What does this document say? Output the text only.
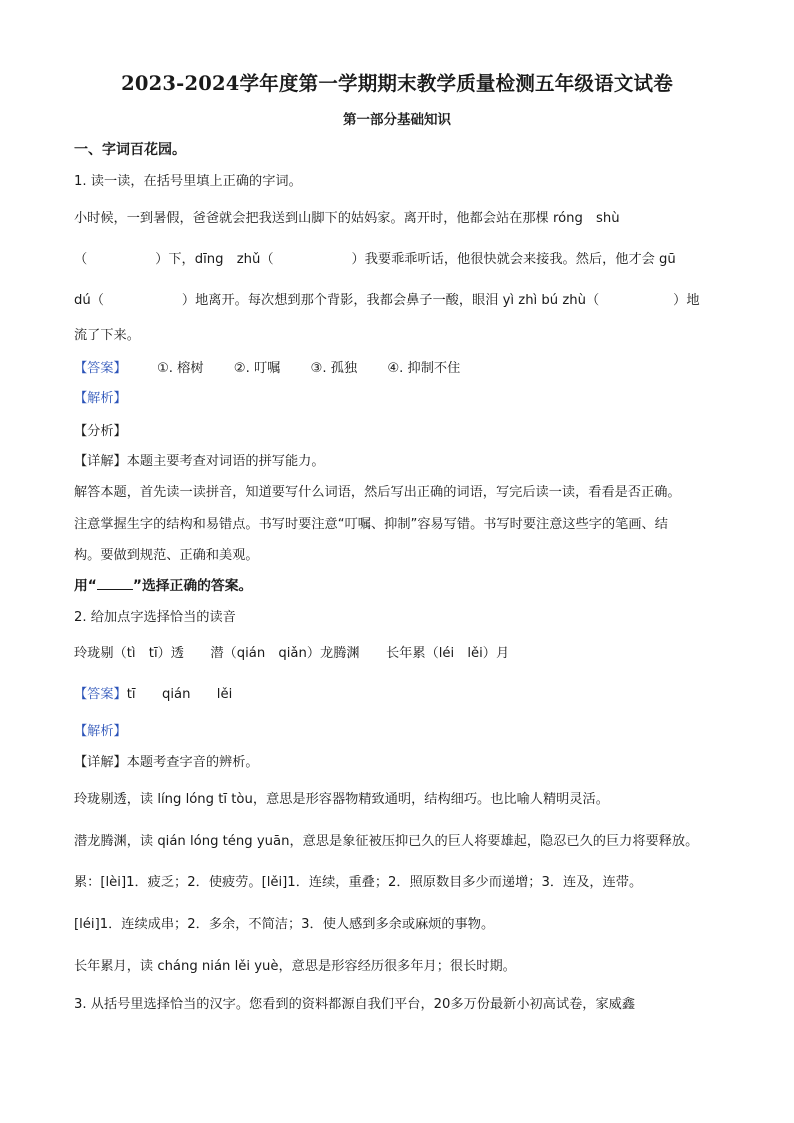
2023-2024学年度第一学期期末教学质量检测五年级语文试卷
第一部分基础知识
一、字词百花园。
1. 读一读，在括号里填上正确的字词。
小时候，一到暑假，爸爸就会把我送到山脚下的姑妈家。离开时，他都会站在那棵 róng　shù
（	）下，dīng　zhǔ（	）我要乖乖听话，他很快就会来接我。然后，他才会 gū
dú（	）地离开。每次想到那个背影，我都会鼻子一酸，眼泪 yì zhì bú zhù（	）地
流了下来。
【答案】 ①. 榕树 ②. 叮嘱 ③. 孤独 ④. 抑制不住
【解析】
【分析】
【详解】本题主要考查对词语的拼写能力。
解答本题，首先读一读拼音，知道要写什么词语，然后写出正确的词语，写完后读一读，看看是否正确。
注意掌握生字的结构和易错点。书写时要注意“叮嘱、抑制”容易写错。书写时要注意这些字的笔画、结
构。要做到规范、正确和美观。
用“	”选择正确的答案。
2. 给加点字选择恰当的读音
玲珑剔（tì　tī）透　　潜（qián　qiǎn）龙腾渊　　长年累（léi　lěi）月
【答案】tī　　qián　　lěi
【解析】
【详解】本题考查字音的辨析。
玲珑剔透，读 líng lóng tī tòu，意思是形容器物精致通明，结构细巧。也比喻人精明灵活。
潜龙腾渊，读 qián lóng téng yuān，意思是象征被压抑已久的巨人将要雄起，隐忍已久的巨力将要释放。
累：[lèi]1．疲乏；2．使疲劳。[lěi]1．连续，重叠；2．照原数目多少而递增；3．连及，连带。
[léi]1．连续成串；2．多余，不简洁；3．使人感到多余或麻烦的事物。
长年累月，读 cháng nián lěi yuè，意思是形容经历很多年月；很长时期。
3. 从括号里选择恰当的汉字。您看到的资料都源自我们平台，20多万份最新小初高试卷，家威鑫
